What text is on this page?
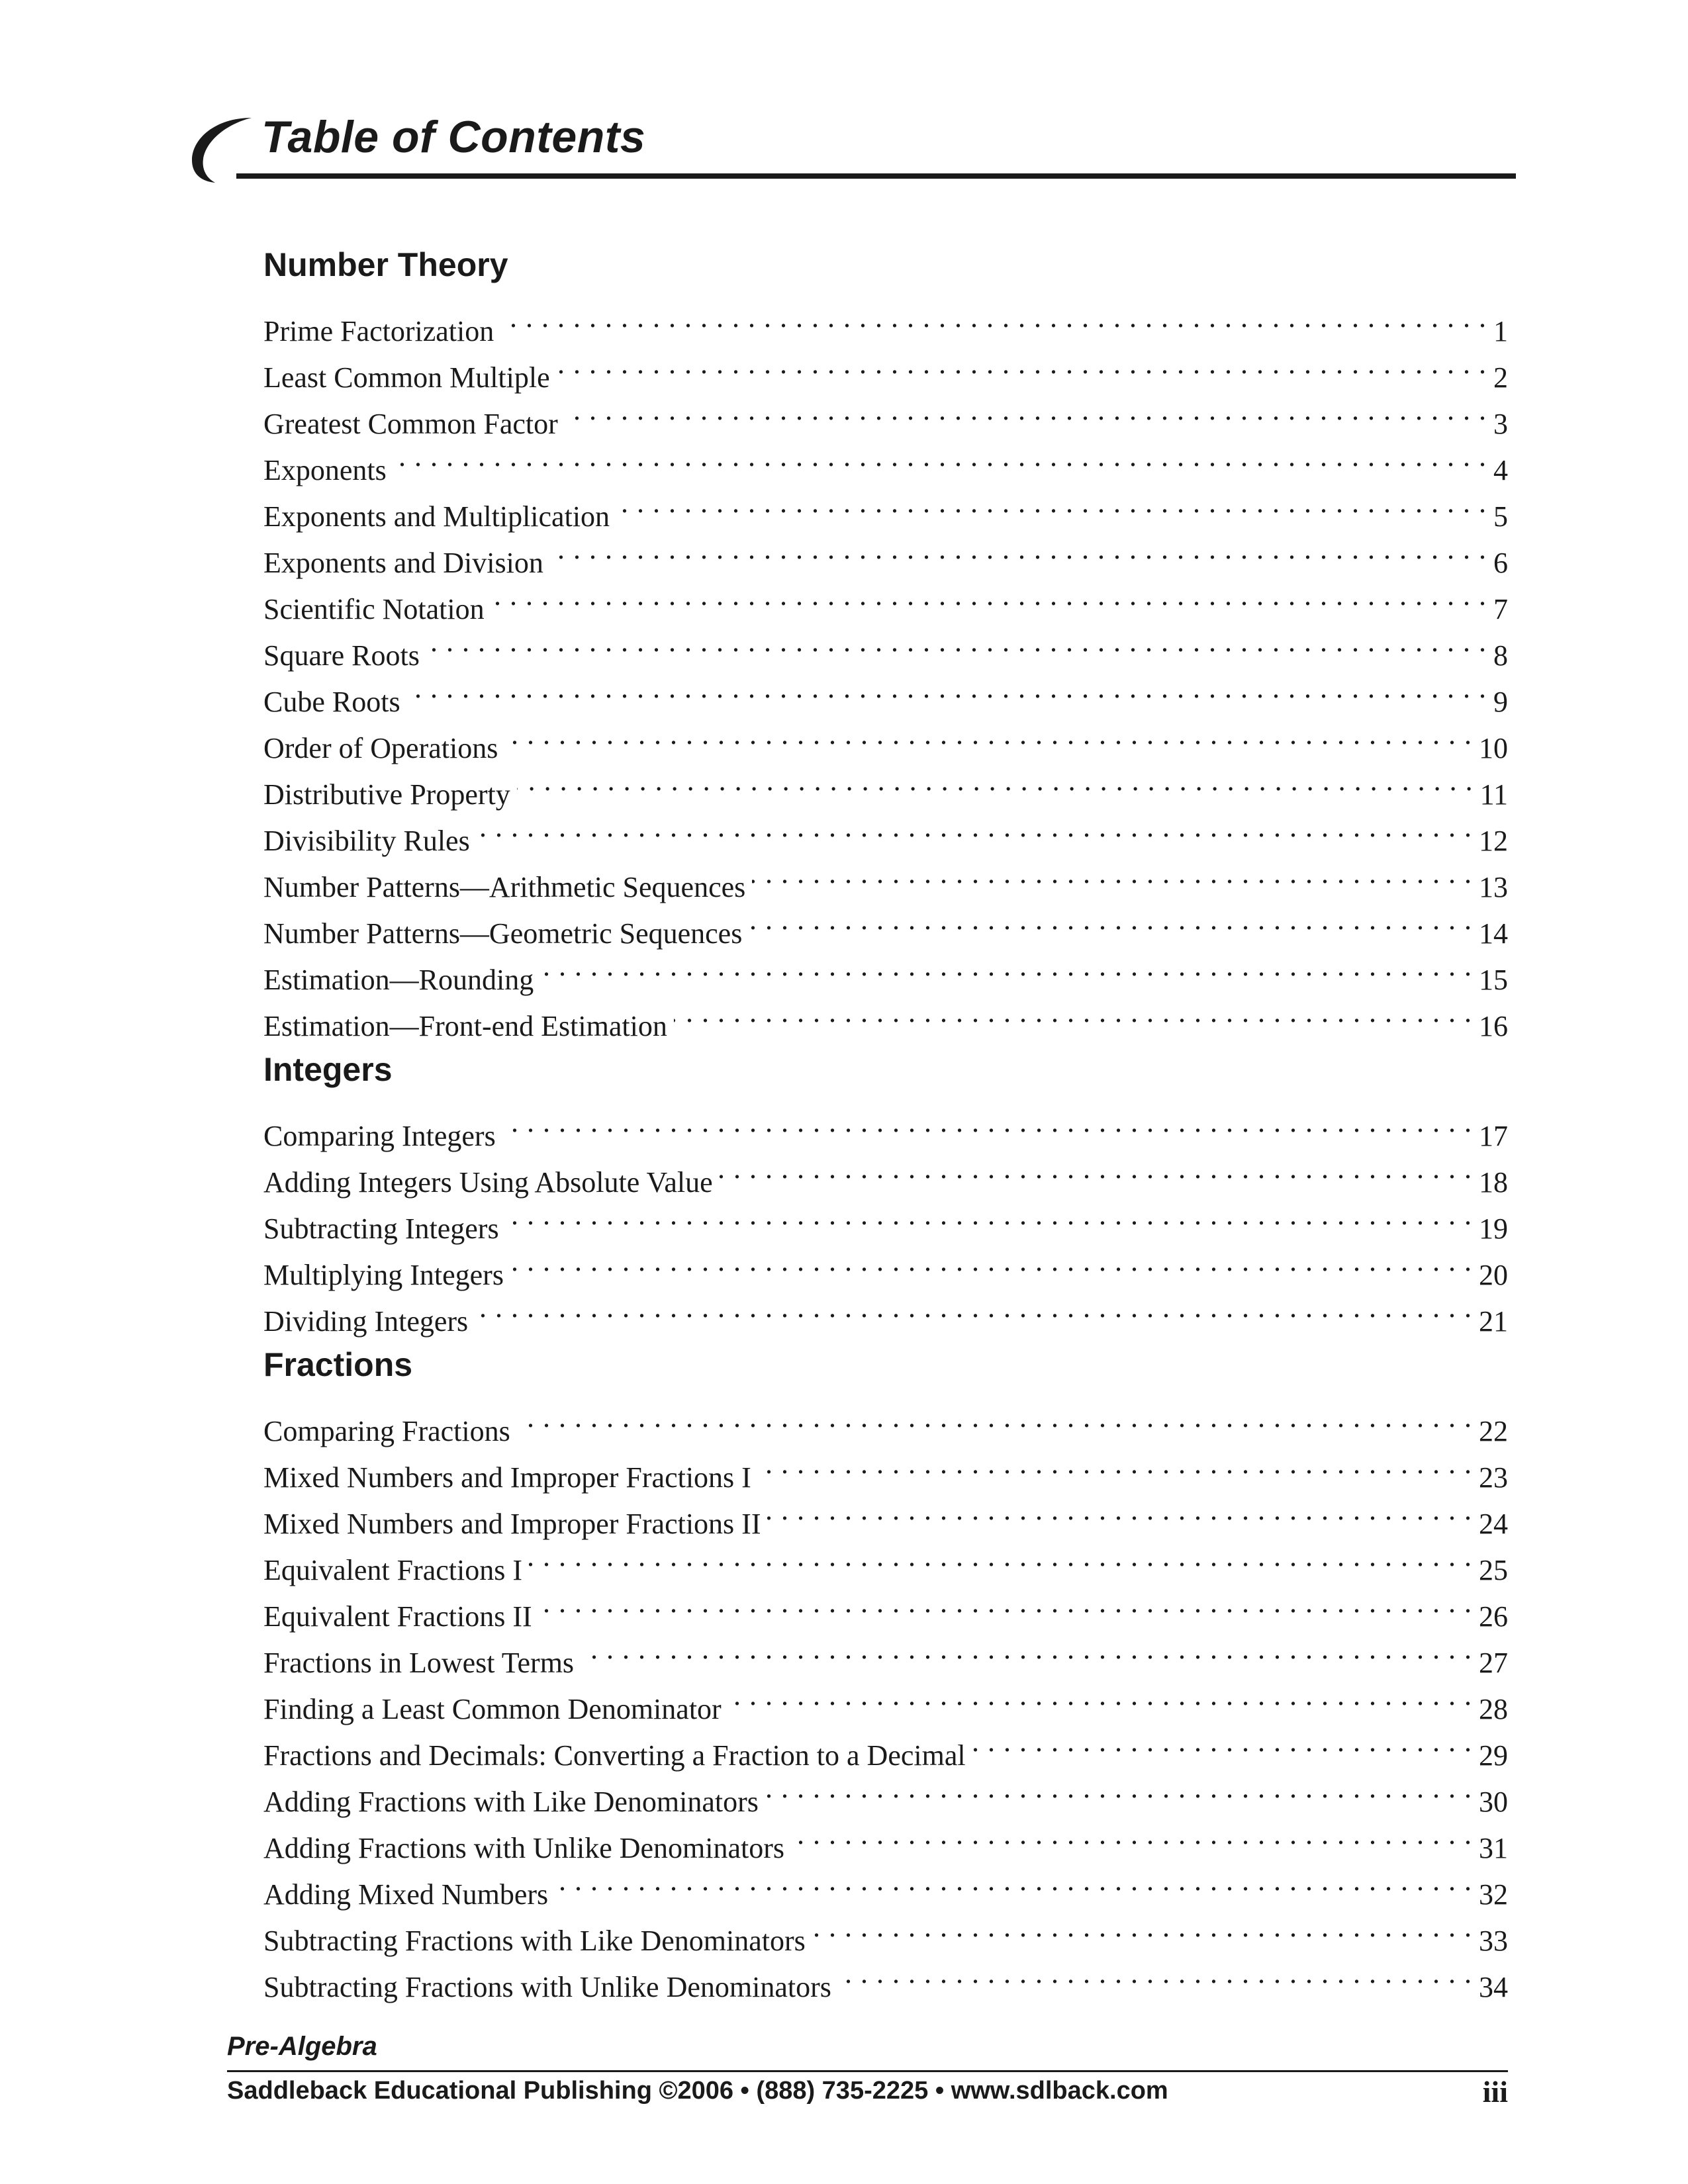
Table of Contents
Number Theory
Prime Factorization . . .	1
Least Common Multiple . . .	2
Greatest Common Factor . . .	3
Exponents . . .	4
Exponents and Multiplication . . .	5
Exponents and Division . . .	6
Scientific Notation . . .	7
Square Roots . . .	8
Cube Roots . . .	9
Order of Operations . . .	10
Distributive Property . . .	11
Divisibility Rules . . .	12
Number Patterns—Arithmetic Sequences . . .	13
Number Patterns—Geometric Sequences . . .	14
Estimation—Rounding . . .	15
Estimation—Front-end Estimation . . .	16
Integers
Comparing Integers . . .	17
Adding Integers Using Absolute Value . . .	18
Subtracting Integers . . .	19
Multiplying Integers . . .	20
Dividing Integers . . .	21
Fractions
Comparing Fractions . . .	22
Mixed Numbers and Improper Fractions I . . .	23
Mixed Numbers and Improper Fractions II . . .	24
Equivalent Fractions I . . .	25
Equivalent Fractions II . . .	26
Fractions in Lowest Terms . . .	27
Finding a Least Common Denominator . . .	28
Fractions and Decimals: Converting a Fraction to a Decimal . . .	29
Adding Fractions with Like Denominators . . .	30
Adding Fractions with Unlike Denominators . . .	31
Adding Mixed Numbers . . .	32
Subtracting Fractions with Like Denominators . . .	33
Subtracting Fractions with Unlike Denominators . . .	34
Pre-Algebra
Saddleback Educational Publishing ©2006 • (888) 735-2225 • www.sdlback.com	iii
